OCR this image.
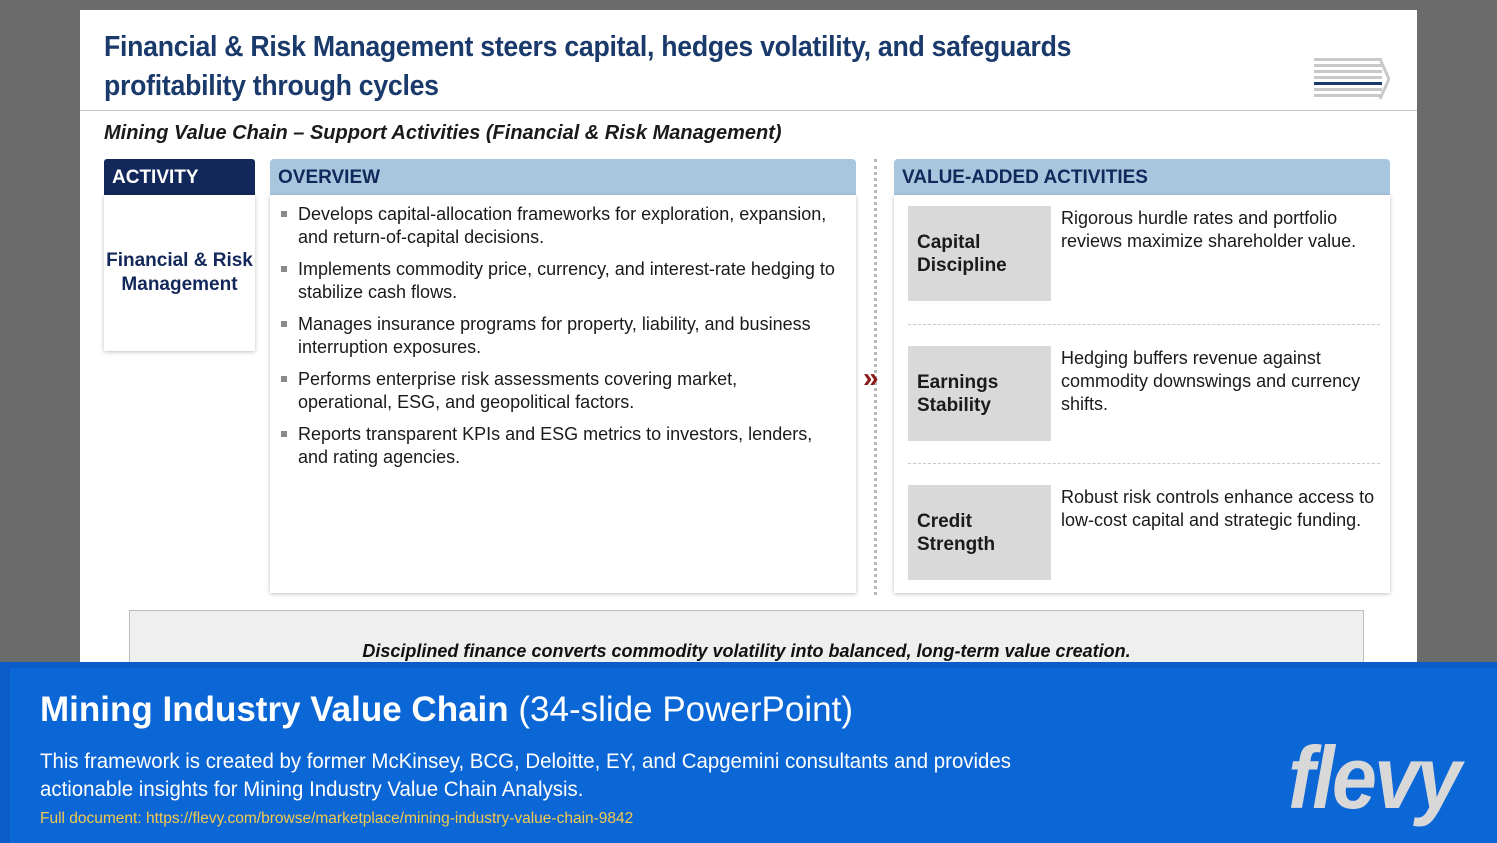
Financial & Risk Management steers capital, hedges volatility, and safeguards profitability through cycles
Mining Value Chain – Support Activities (Financial & Risk Management)
ACTIVITY
Financial & Risk Management
OVERVIEW
Develops capital-allocation frameworks for exploration, expansion, and return-of-capital decisions.
Implements commodity price, currency, and interest-rate hedging to stabilize cash flows.
Manages insurance programs for property, liability, and business interruption exposures.
Performs enterprise risk assessments covering market, operational, ESG, and geopolitical factors.
Reports transparent KPIs and ESG metrics to investors, lenders, and rating agencies.
»
VALUE-ADDED ACTIVITIES
Capital Discipline
Rigorous hurdle rates and portfolio reviews maximize shareholder value.
Earnings Stability
Hedging buffers revenue against commodity downswings and currency shifts.
Credit Strength
Robust risk controls enhance access to low-cost capital and strategic funding.
Disciplined finance converts commodity volatility into balanced, long-term value creation.
Mining Industry Value Chain (34-slide PowerPoint)
This framework is created by former McKinsey, BCG, Deloitte, EY, and Capgemini consultants and provides actionable insights for Mining Industry Value Chain Analysis.
Full document: https://flevy.com/browse/marketplace/mining-industry-value-chain-9842	flevy
